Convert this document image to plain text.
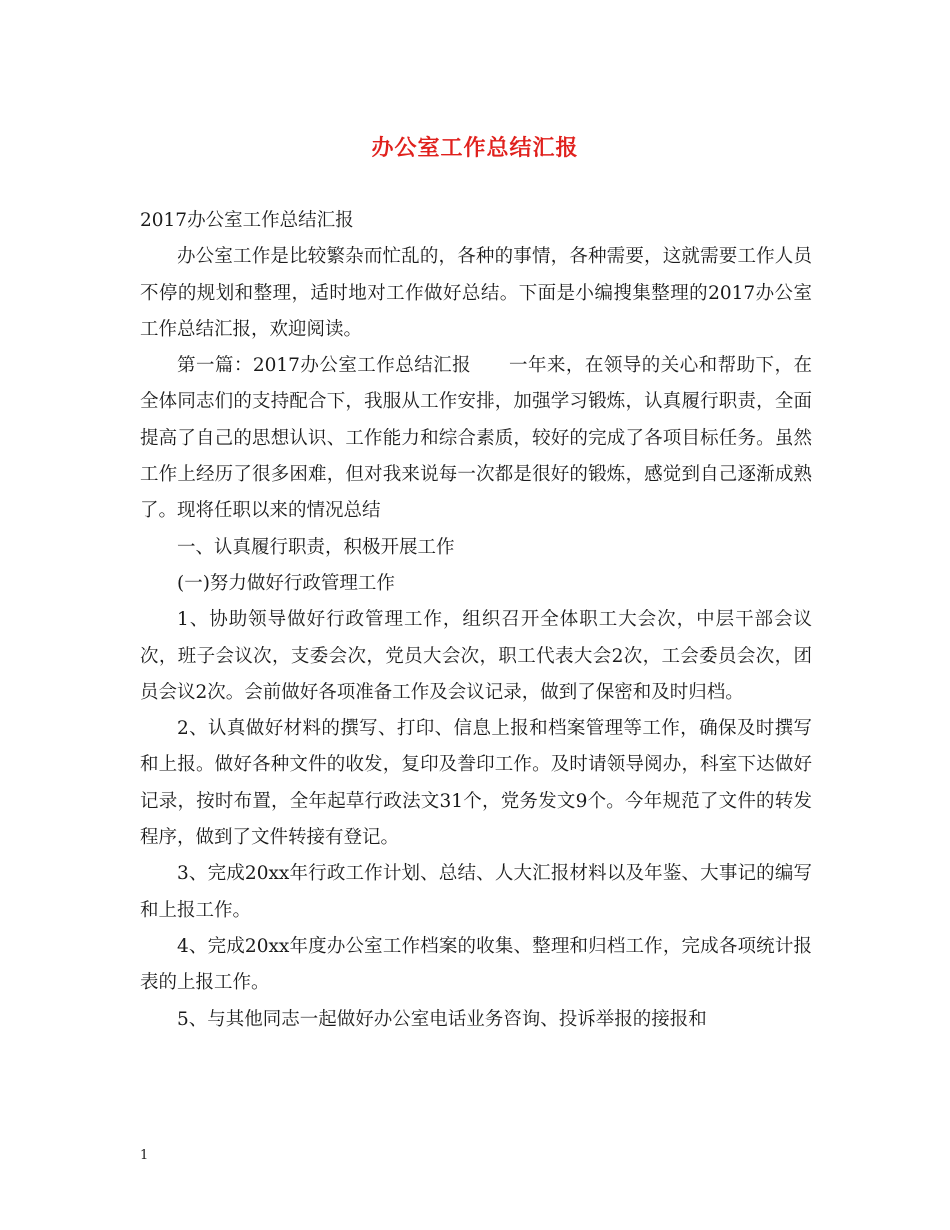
办公室工作总结汇报

2017办公室工作总结汇报

办公室工作是比较繁杂而忙乱的，各种的事情，各种需要，这就需要工作人员不停的规划和整理，适时地对工作做好总结。下面是小编搜集整理的2017办公室工作总结汇报，欢迎阅读。

第一篇：2017办公室工作总结汇报　　一年来，在领导的关心和帮助下，在全体同志们的支持配合下，我服从工作安排，加强学习锻炼，认真履行职责，全面提高了自己的思想认识、工作能力和综合素质，较好的完成了各项目标任务。虽然工作上经历了很多困难，但对我来说每一次都是很好的锻炼，感觉到自己逐渐成熟了。现将任职以来的情况总结

一、认真履行职责，积极开展工作

(一)努力做好行政管理工作

1、协助领导做好行政管理工作，组织召开全体职工大会次，中层干部会议次，班子会议次，支委会次，党员大会次，职工代表大会2次，工会委员会次，团员会议2次。会前做好各项准备工作及会议记录，做到了保密和及时归档。

2、认真做好材料的撰写、打印、信息上报和档案管理等工作，确保及时撰写和上报。做好各种文件的收发，复印及誊印工作。及时请领导阅办，科室下达做好记录，按时布置，全年起草行政法文31个，党务发文9个。今年规范了文件的转发程序，做到了文件转接有登记。

3、完成20xx年行政工作计划、总结、人大汇报材料以及年鉴、大事记的编写和上报工作。

4、完成20xx年度办公室工作档案的收集、整理和归档工作，完成各项统计报表的上报工作。

5、与其他同志一起做好办公室电话业务咨询、投诉举报的接报和

1
